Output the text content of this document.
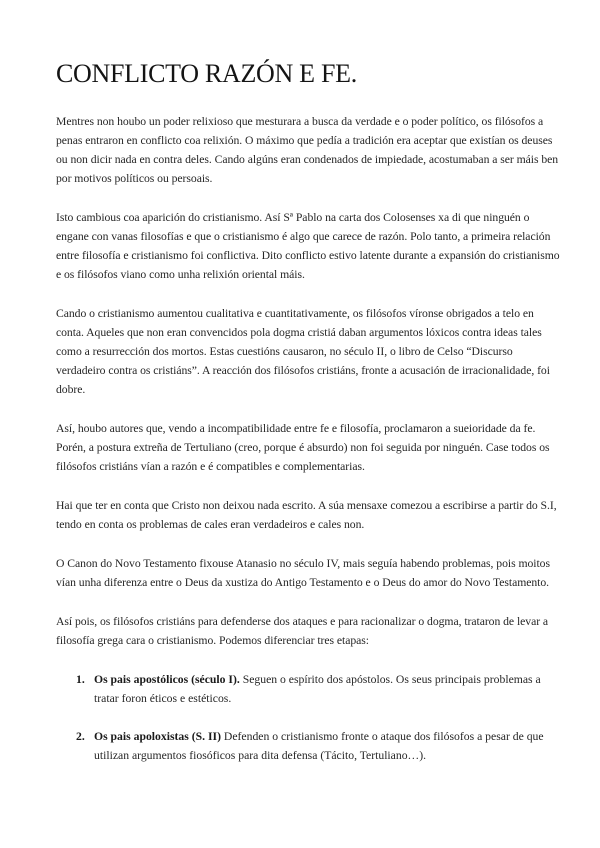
CONFLICTO RAZÓN E FE.

Mentres non houbo un poder relixioso que mesturara a busca da verdade e o poder político, os filósofos a penas entraron en conflicto coa relixión. O máximo que pedía a tradición era aceptar que existían os deuses ou non dicir nada en contra deles. Cando algúns eran condenados de impiedade, acostumaban a ser máis ben por motivos políticos ou persoais.

Isto cambious coa aparición do cristianismo. Así Sª Pablo na carta dos Colosenses xa di que ninguén o engane con vanas filosofías e que o cristianismo é algo que carece de razón. Polo tanto, a primeira relación entre filosofía e cristianismo foi conflictiva. Dito conflicto estivo latente durante a expansión do cristianismo e os filósofos viano como unha relixión oriental máis.

Cando o cristianismo aumentou cualitativa e cuantitativamente, os filósofos víronse obrigados a telo en conta. Aqueles que non eran convencidos pola dogma cristiá daban argumentos lóxicos contra ideas tales como a resurrección dos mortos. Estas cuestións causaron, no século II, o libro de Celso “Discurso verdadeiro contra os cristiáns”. A reacción dos filósofos cristiáns, fronte a acusación de irracionalidade, foi dobre.

Así, houbo autores que, vendo a incompatibilidade entre fe e filosofía, proclamaron a sueioridade da fe. Porén, a postura extreña de Tertuliano (creo, porque é absurdo) non foi seguida por ninguén. Case todos os filósofos cristiáns vían a razón e é compatibles e complementarias.

Hai que ter en conta que Cristo non deixou nada escrito. A súa mensaxe comezou a escribirse a partir do S.I, tendo en conta os problemas de cales eran verdadeiros e cales non.

O Canon do Novo Testamento fixouse Atanasio no século IV, mais seguía habendo problemas, pois moitos vían unha diferenza entre o Deus da xustiza do Antigo Testamento e o Deus do amor do Novo Testamento.

Así pois, os filósofos cristiáns para defenderse dos ataques e para racionalizar o dogma, trataron de levar a filosofía grega cara o cristianismo. Podemos diferenciar tres etapas:

1. Os pais apostólicos (século I). Seguen o espírito dos apóstolos. Os seus principais problemas a tratar foron éticos e estéticos.
2. Os pais apoloxistas (S. II) Defenden o cristianismo fronte o ataque dos filósofos a pesar de que utilizan argumentos fiosóficos para dita defensa (Tácito, Tertuliano…).
